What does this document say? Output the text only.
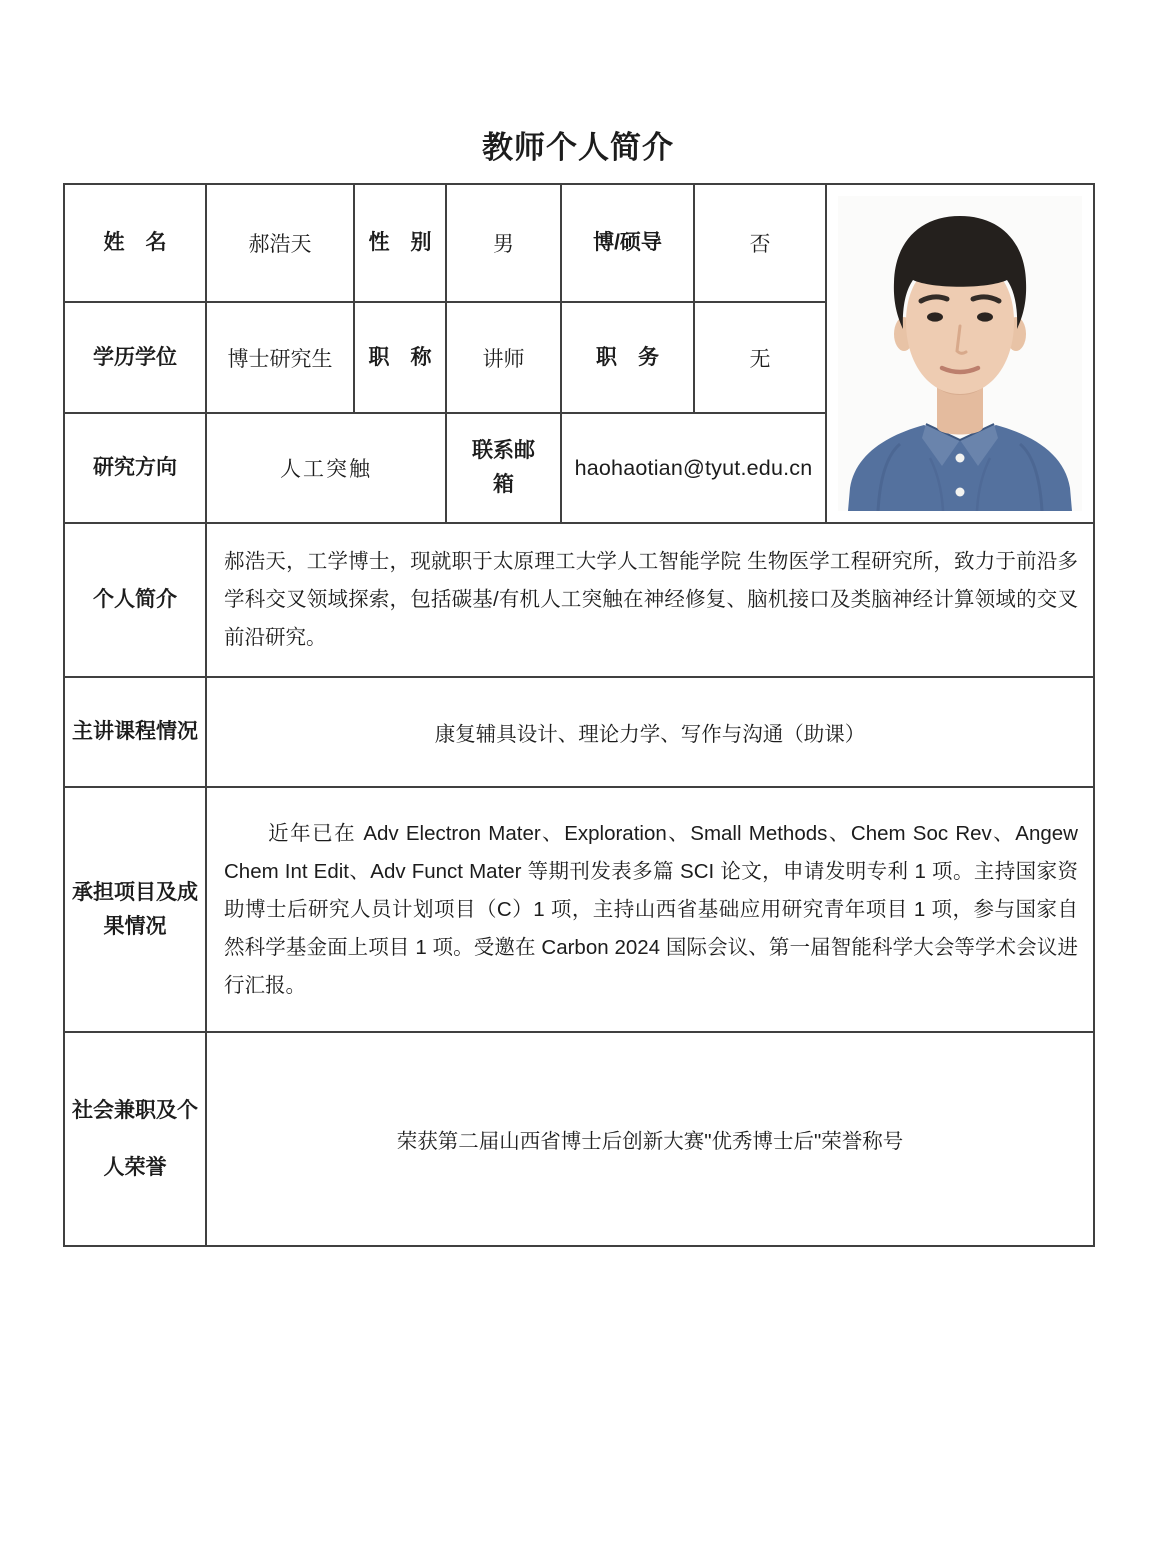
教师个人简介
姓　名	郝浩天	性　别	男	博/硕导	否	

学历学位	博士研究生	职　称	讲师	职　务	无	
研究方向	人工突触		联系邮箱	haohaotian@tyut.edu.cn		
个人简介	郝浩天，工学博士，现就职于太原理工大学人工智能学院 生物医学工程研究所，致力于前沿多学科交叉领域探索，包括碳基/有机人工突触在神经修复、脑机接口及类脑神经计算领域的交叉前沿研究。					

主讲课程情况	康复辅具设计、理论力学、写作与沟通（助课）					

承担项目及成果情况	近年已在 Adv Electron Mater、Exploration、Small Methods、Chem Soc Rev、Angew Chem Int Edit、Adv Funct Mater 等期刊发表多篇 SCI 论文，申请发明专利 1 项。主持国家资助博士后研究人员计划项目（C）1 项，主持山西省基础应用研究青年项目 1 项，参与国家自然科学基金面上项目 1 项。受邀在 Carbon 2024 国际会议、第一届智能科学大会等学术会议进行汇报。					

社会兼职及个人荣誉	荣获第二届山西省博士后创新大赛"优秀博士后"荣誉称号					
